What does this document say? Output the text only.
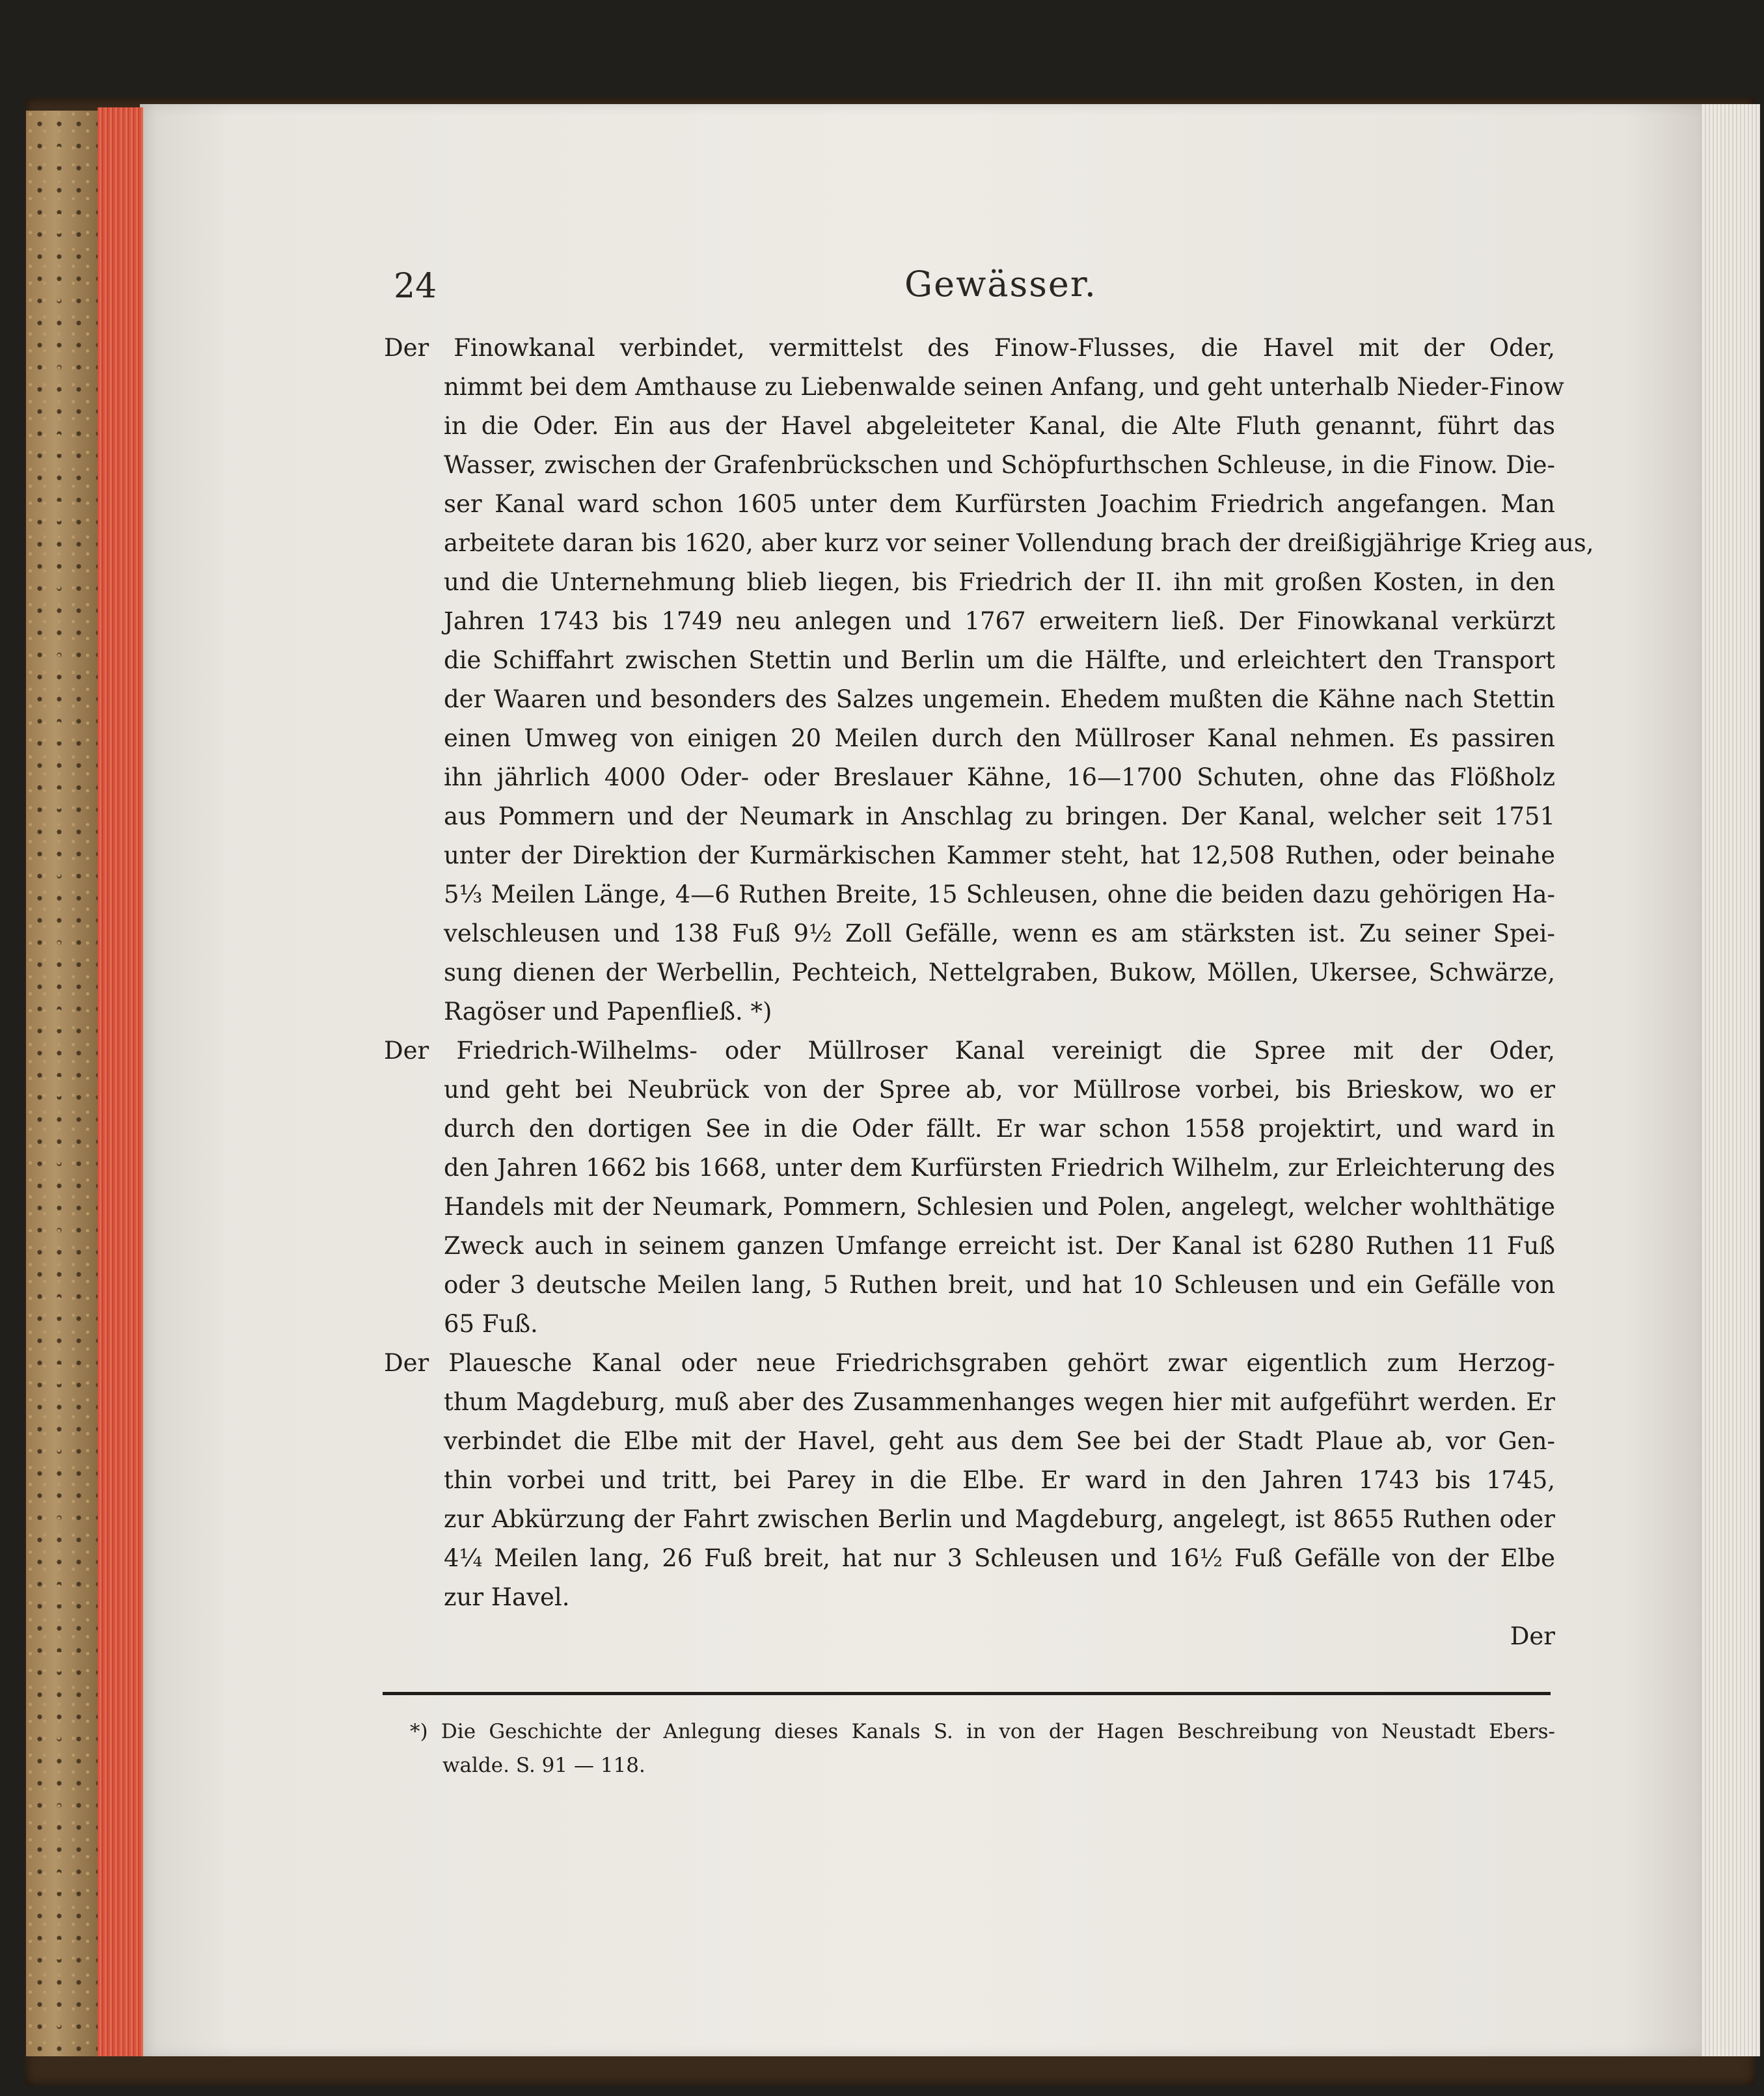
24	Gewässer.
Der Finowkanal verbindet, vermittelst des Finow-Flusses, die Havel mit der Oder,
nimmt bei dem Amthause zu Liebenwalde seinen Anfang, und geht unterhalb Nieder-Finow
in die Oder. Ein aus der Havel abgeleiteter Kanal, die Alte Fluth genannt, führt das
Wasser, zwischen der Grafenbrückschen und Schöpfurthschen Schleuse, in die Finow. Die-
ser Kanal ward schon 1605 unter dem Kurfürsten Joachim Friedrich angefangen. Man
arbeitete daran bis 1620, aber kurz vor seiner Vollendung brach der dreißigjährige Krieg aus,
und die Unternehmung blieb liegen, bis Friedrich der II. ihn mit großen Kosten, in den
Jahren 1743 bis 1749 neu anlegen und 1767 erweitern ließ. Der Finowkanal verkürzt
die Schiffahrt zwischen Stettin und Berlin um die Hälfte, und erleichtert den Transport
der Waaren und besonders des Salzes ungemein. Ehedem mußten die Kähne nach Stettin
einen Umweg von einigen 20 Meilen durch den Müllroser Kanal nehmen. Es passiren
ihn jährlich 4000 Oder- oder Breslauer Kähne, 16—1700 Schuten, ohne das Flößholz
aus Pommern und der Neumark in Anschlag zu bringen. Der Kanal, welcher seit 1751
unter der Direktion der Kurmärkischen Kammer steht, hat 12,508 Ruthen, oder beinahe
5⅓ Meilen Länge, 4—6 Ruthen Breite, 15 Schleusen, ohne die beiden dazu gehörigen Ha-
velschleusen und 138 Fuß 9½ Zoll Gefälle, wenn es am stärksten ist. Zu seiner Spei-
sung dienen der Werbellin, Pechteich, Nettelgraben, Bukow, Möllen, Ukersee, Schwärze,
Ragöser und Papenfließ. *)
Der Friedrich-Wilhelms- oder Müllroser Kanal vereinigt die Spree mit der Oder,
und geht bei Neubrück von der Spree ab, vor Müllrose vorbei, bis Brieskow, wo er
durch den dortigen See in die Oder fällt. Er war schon 1558 projektirt, und ward in
den Jahren 1662 bis 1668, unter dem Kurfürsten Friedrich Wilhelm, zur Erleichterung des
Handels mit der Neumark, Pommern, Schlesien und Polen, angelegt, welcher wohlthätige
Zweck auch in seinem ganzen Umfange erreicht ist. Der Kanal ist 6280 Ruthen 11 Fuß
oder 3 deutsche Meilen lang, 5 Ruthen breit, und hat 10 Schleusen und ein Gefälle von
65 Fuß.
Der Plauesche Kanal oder neue Friedrichsgraben gehört zwar eigentlich zum Herzog-
thum Magdeburg, muß aber des Zusammenhanges wegen hier mit aufgeführt werden. Er
verbindet die Elbe mit der Havel, geht aus dem See bei der Stadt Plaue ab, vor Gen-
thin vorbei und tritt, bei Parey in die Elbe. Er ward in den Jahren 1743 bis 1745,
zur Abkürzung der Fahrt zwischen Berlin und Magdeburg, angelegt, ist 8655 Ruthen oder
4¼ Meilen lang, 26 Fuß breit, hat nur 3 Schleusen und 16½ Fuß Gefälle von der Elbe
zur Havel.
Der
*) Die Geschichte der Anlegung dieses Kanals S. in von der Hagen Beschreibung von Neustadt Ebers-
walde. S. 91 — 118.
